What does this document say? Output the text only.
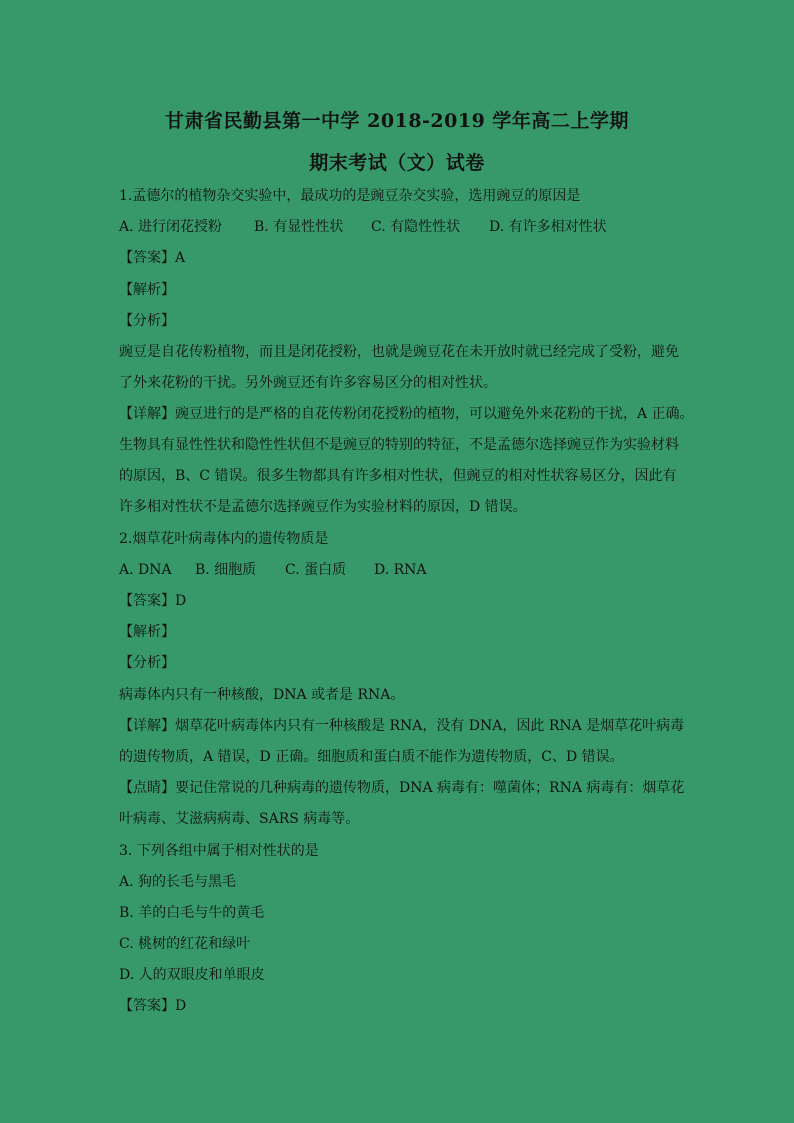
甘肃省民勤县第一中学 2018-2019 学年高二上学期
期末考试（文）试卷
1.孟德尔的植物杂交实验中，最成功的是豌豆杂交实验，选用豌豆的原因是
A. 进行闭花授粉 B. 有显性性状 C. 有隐性性状 D. 有许多相对性状
【答案】A
【解析】
【分析】
豌豆是自花传粉植物，而且是闭花授粉，也就是豌豆花在未开放时就已经完成了受粉，避免
了外来花粉的干扰。另外豌豆还有许多容易区分的相对性状。
【详解】豌豆进行的是严格的自花传粉闭花授粉的植物，可以避免外来花粉的干扰，A 正确。
生物具有显性性状和隐性性状但不是豌豆的特别的特征，不是孟德尔选择豌豆作为实验材料
的原因，B、C 错误。很多生物都具有许多相对性状，但豌豆的相对性状容易区分，因此有
许多相对性状不是孟德尔选择豌豆作为实验材料的原因，D 错误。
2.烟草花叶病毒体内的遗传物质是
A. DNA B. 细胞质 C. 蛋白质 D. RNA
【答案】D
【解析】
【分析】
病毒体内只有一种核酸，DNA 或者是 RNA。
【详解】烟草花叶病毒体内只有一种核酸是 RNA，没有 DNA，因此 RNA 是烟草花叶病毒
的遗传物质，A 错误，D 正确。细胞质和蛋白质不能作为遗传物质，C、D 错误。
【点睛】要记住常说的几种病毒的遗传物质，DNA 病毒有：噬菌体；RNA 病毒有：烟草花
叶病毒、艾滋病病毒、SARS 病毒等。
3. 下列各组中属于相对性状的是
A. 狗的长毛与黑毛
B. 羊的白毛与牛的黄毛
C. 桃树的红花和绿叶
D. 人的双眼皮和单眼皮
【答案】D
